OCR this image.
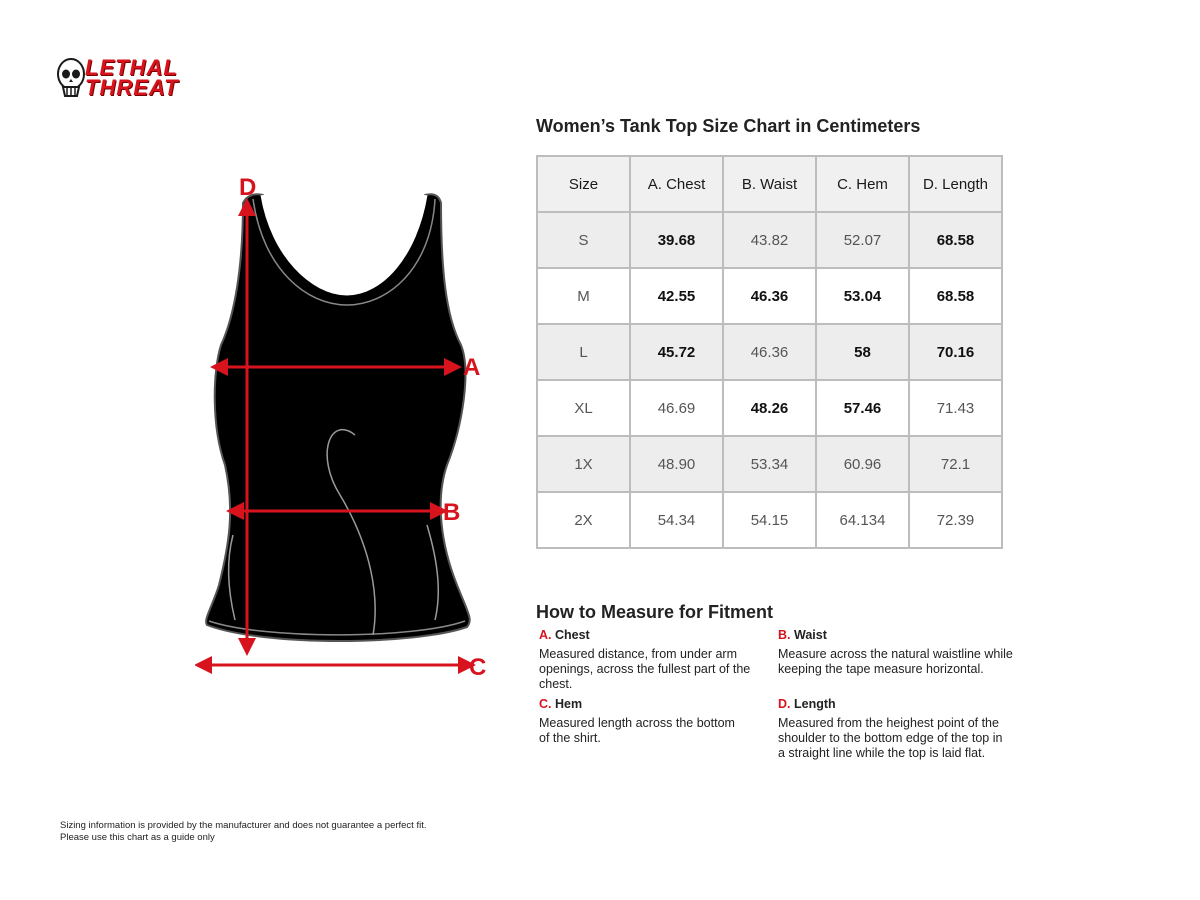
LETHAL
THREAT
D
A
B
C
Women’s Tank Top Size Chart in Centimeters
Size	A. Chest	B. Waist	C. Hem	D. Length
S	39.68	43.82	52.07	68.58
M	42.55	46.36	53.04	68.58
L	45.72	46.36	58	70.16
XL	46.69	48.26	57.46	71.43
1X	48.90	53.34	60.96	72.1
2X	54.34	54.15	64.134	72.39
How to Measure for Fitment
A. Chest
Measured distance, from under arm openings, across the fullest part of the chest.
B. Waist
Measure across the natural waistline while keeping the tape measure horizontal.
C. Hem
Measured length across the bottom of the shirt.
D. Length
Measured from the heighest point of the shoulder to the bottom edge of the top in a straight line while the top is laid flat.
Sizing information is provided by the manufacturer and does not guarantee a perfect fit.
Please use this chart as a guide only
